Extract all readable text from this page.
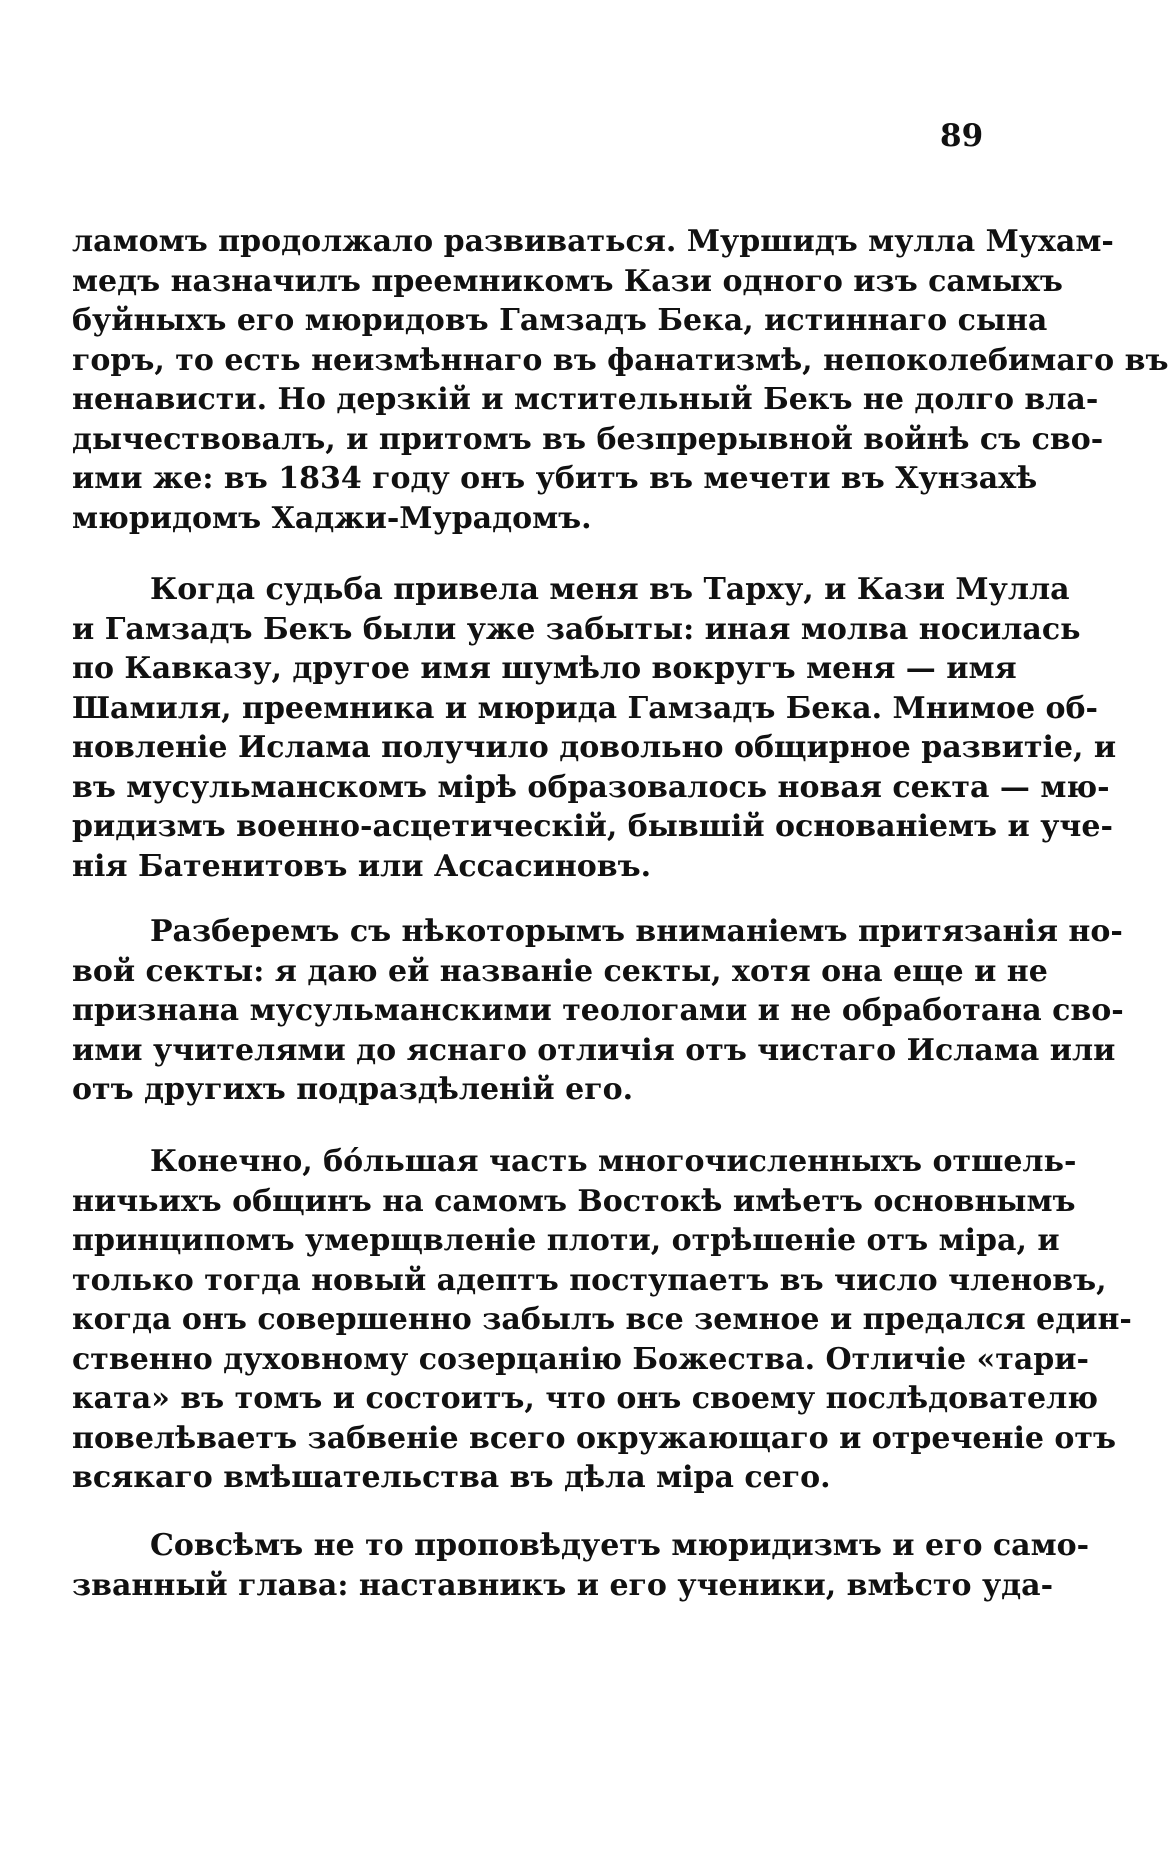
89
ламомъ продолжало развиваться. Муршидъ мулла Мухам-
медъ назначилъ преемникомъ Кази одного изъ самыхъ
буйныхъ его мюридовъ Гамзадъ Бека, истиннаго сына
горъ, то есть неизмѣннаго въ фанатизмѣ, непоколебимаго въ
ненависти. Но дерзкій и мстительный Бекъ не долго вла-
дычествовалъ, и притомъ въ безпрерывной войнѣ съ сво-
ими же: въ 1834 году онъ убитъ въ мечети въ Хунзахѣ
мюридомъ Хаджи-Мурадомъ.
Когда судьба привела меня въ Тарху, и Кази Мулла
и Гамзадъ Бекъ были уже забыты: иная молва носилась
по Кавказу, другое имя шумѣло вокругъ меня — имя
Шамиля, преемника и мюрида Гамзадъ Бека. Мнимое об-
новленіе Ислама получило довольно общирное развитіе, и
въ мусульманскомъ мірѣ образовалось новая секта — мю-
ридизмъ военно-асцетическій, бывшій основаніемъ и уче-
нія Батенитовъ или Ассасиновъ.
Разберемъ съ нѣкоторымъ вниманіемъ притязанія но-
вой секты: я даю ей названіе секты, хотя она еще и не
признана мусульманскими теологами и не обработана сво-
ими учителями до яснаго отличія отъ чистаго Ислама или
отъ другихъ подраздѣленій его.
Конечно, бóльшая часть многочисленныхъ отшель-
ничьихъ общинъ на самомъ Востокѣ имѣетъ основнымъ
принципомъ умерщвленіе плоти, отрѣшеніе отъ міра, и
только тогда новый адептъ поступаетъ въ число членовъ,
когда онъ совершенно забылъ все земное и предался един-
ственно духовному созерцанію Божества. Отличіе «тари-
ката» въ томъ и состоитъ, что онъ своему послѣдователю
повелѣваетъ забвеніе всего окружающаго и отреченіе отъ
всякаго вмѣшательства въ дѣла міра сего.
Совсѣмъ не то проповѣдуетъ мюридизмъ и его само-
званный глава: наставникъ и его ученики, вмѣсто уда-
